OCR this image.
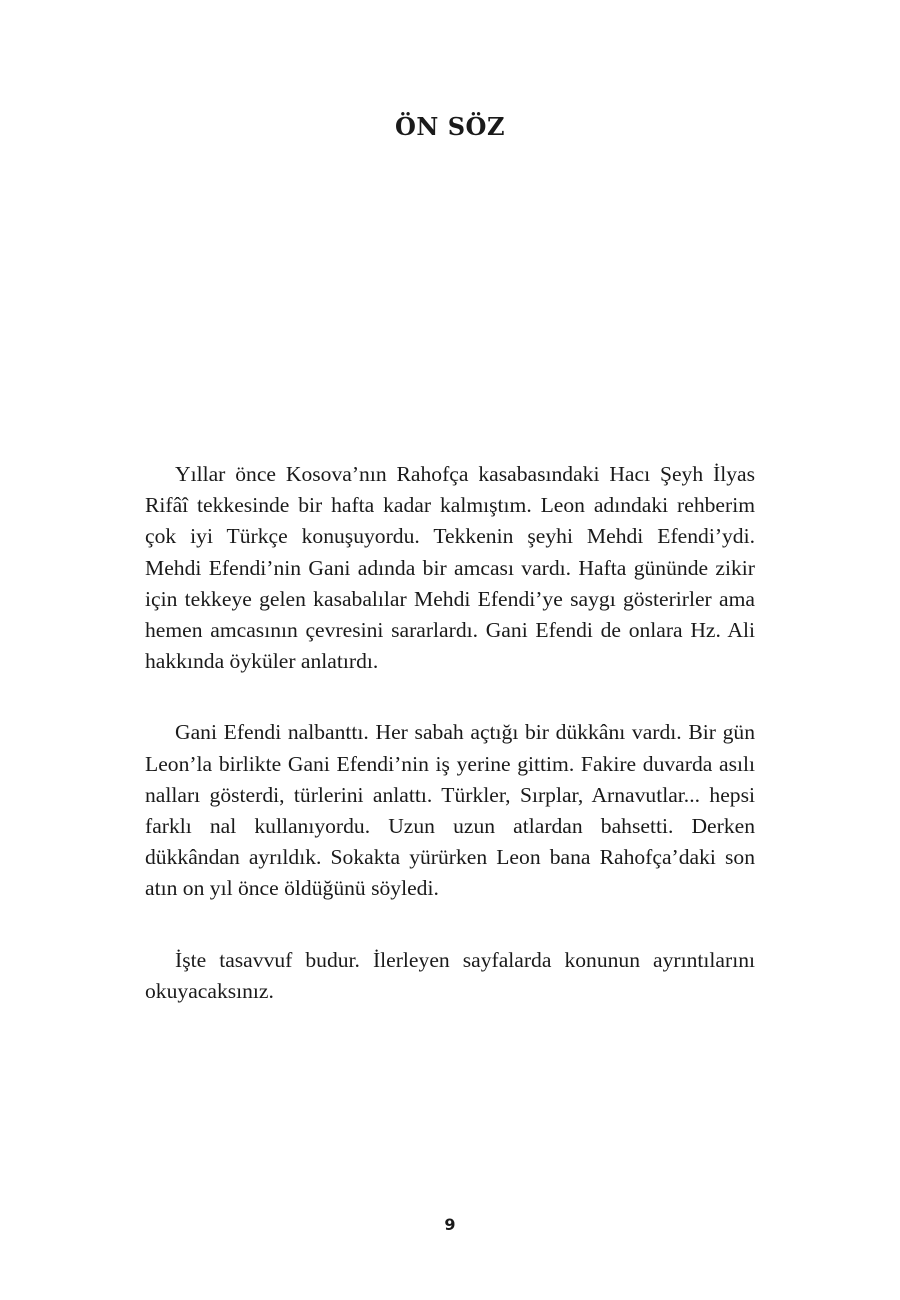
ÖN SÖZ

Yıllar önce Kosova’nın Rahofça kasabasındaki Hacı Şeyh İlyas Rifâî tekkesinde bir hafta kadar kalmıştım. Leon adındaki rehberim çok iyi Türkçe konuşuyordu. Tekkenin şeyhi Mehdi Efendi’ydi. Mehdi Efendi’nin Gani adında bir amcası vardı. Hafta gününde zikir için tekkeye gelen kasabalılar Mehdi Efendi’ye saygı gösterirler ama hemen amcasının çevresini sararlardı. Gani Efendi de onlara Hz. Ali hakkında öyküler anlatırdı.

Gani Efendi nalbanttı. Her sabah açtığı bir dükkânı vardı. Bir gün Leon’la birlikte Gani Efendi’nin iş yerine gittim. Fakire duvarda asılı nalları gösterdi, türlerini anlattı. Türkler, Sırplar, Arnavutlar... hepsi farklı nal kullanıyordu. Uzun uzun atlardan bahsetti. Derken dükkândan ayrıldık. Sokakta yürürken Leon bana Rahofça’daki son atın on yıl önce öldüğünü söyledi.

İşte tasavvuf budur. İlerleyen sayfalarda konunun ayrıntılarını okuyacaksınız.

9
